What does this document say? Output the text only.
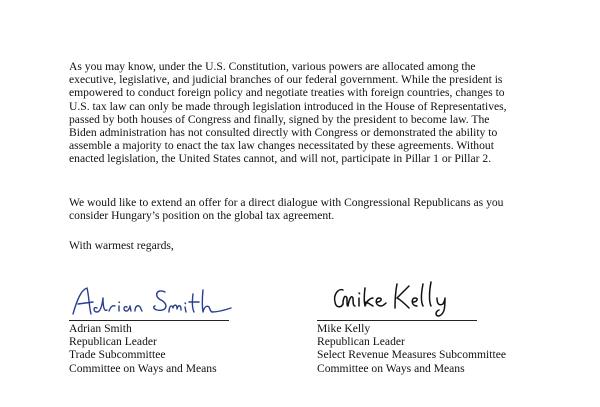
As you may know, under the U.S. Constitution, various powers are allocated among the
executive, legislative, and judicial branches of our federal government. While the president is
empowered to conduct foreign policy and negotiate treaties with foreign countries, changes to
U.S. tax law can only be made through legislation introduced in the House of Representatives,
passed by both houses of Congress and finally, signed by the president to become law. The
Biden administration has not consulted directly with Congress or demonstrated the ability to
assemble a majority to enact the tax law changes necessitated by these agreements. Without
enacted legislation, the United States cannot, and will not, participate in Pillar 1 or Pillar 2.
We would like to extend an offer for a direct dialogue with Congressional Republicans as you
consider Hungary’s position on the global tax agreement.
With warmest regards,
Adrian Smith
Republican Leader
Trade Subcommittee
Committee on Ways and Means
Mike Kelly
Republican Leader
Select Revenue Measures Subcommittee
Committee on Ways and Means
